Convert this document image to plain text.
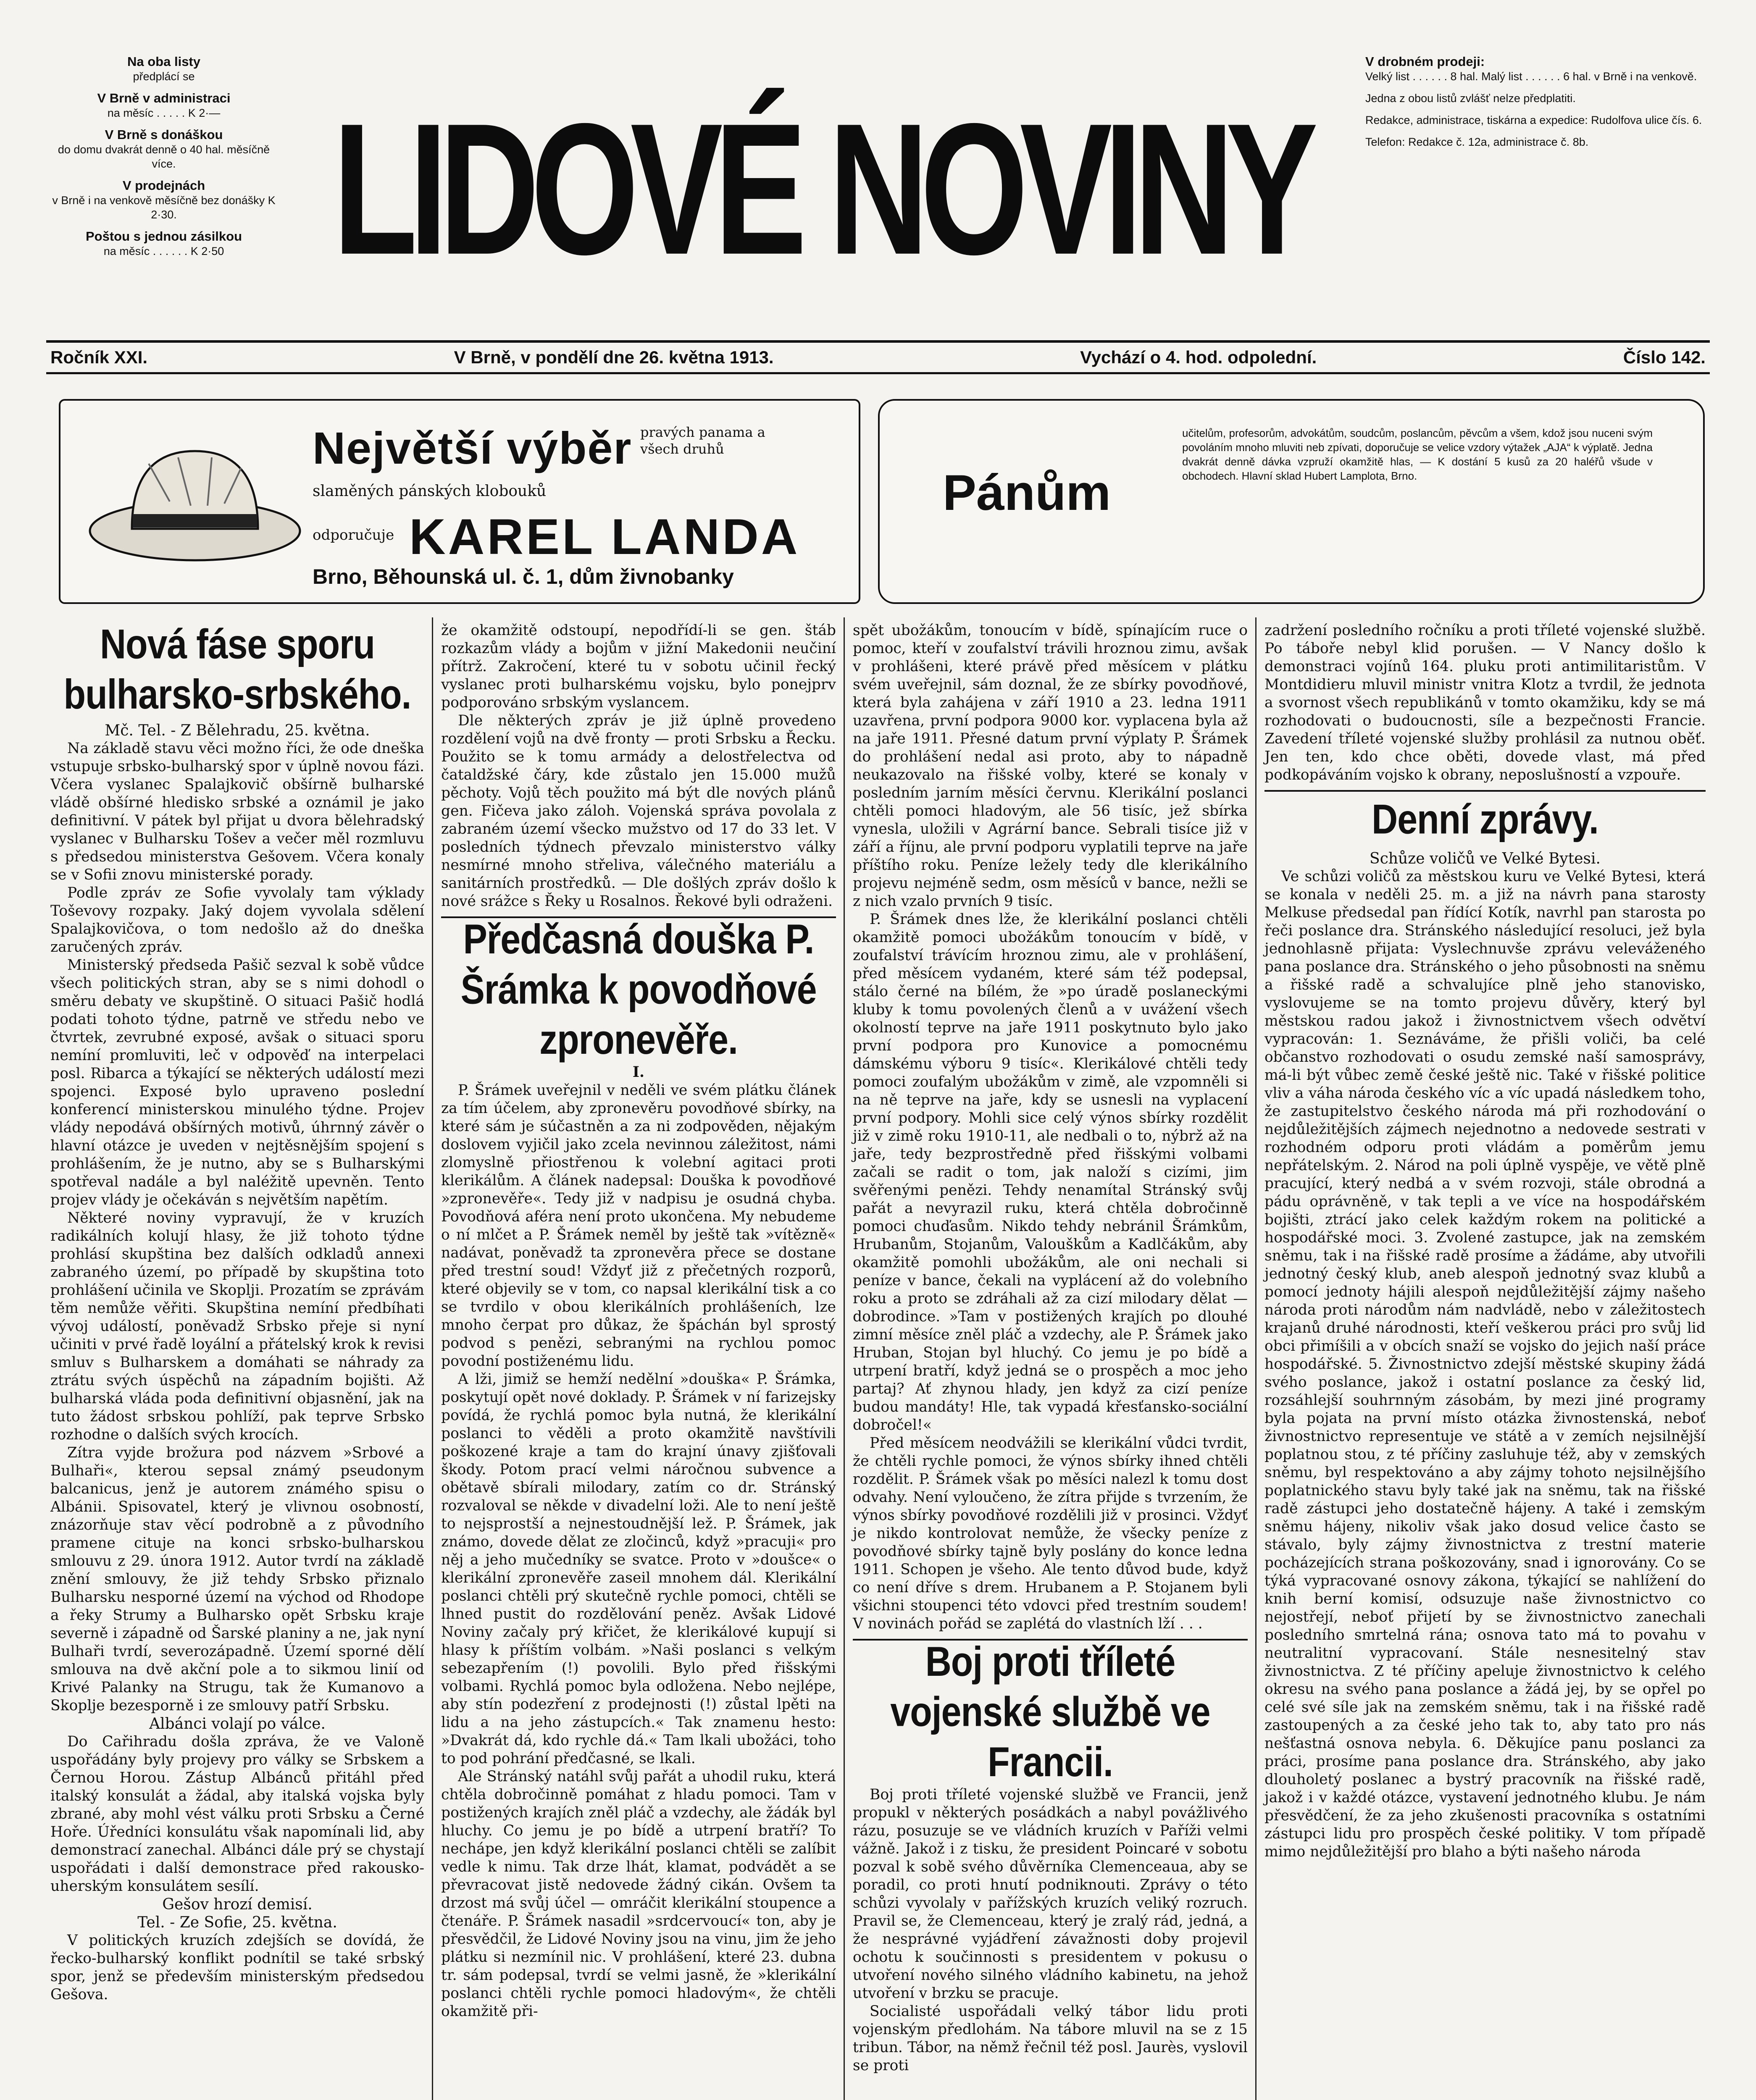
Na oba listy
předplácí se

V Brně v administraci
na měsíc . . . . . K 2·—

V Brně s donáškou
do domu dvakrát denně o 40 hal. měsíčně více.

V prodejnách
v Brně i na venkově měsíčně bez donášky K 2·30.

Poštou s jednou zásilkou
na měsíc . . . . . . K 2·50 LIDOVÉ NOVINY

V drobném prodeji:
Velký list . . . . . . 8 hal. Malý list . . . . . . 6 hal. v Brně i na venkově.

Jedna z obou listů zvlášť nelze předplatiti.

Redakce, administrace, tiskárna a expedice: Rudolfova ulice čís. 6.

Telefon: Redakce č. 12a, administrace č. 8b.

Ročník XXI.	V Brně, v pondělí dne 26. května 1913.	Vychází o 4. hod. odpolední.	Číslo 142.
Největší výběr pravých panama a všech druhů
slaměných pánských klobouků
odporučuje KAREL LANDA
Brno, Běhounská ul. č. 1, dům živnobanky
Pánům
učitelům, profesorům, advokátům, soudcům, poslancům, pěvcům a všem, kdož jsou nuceni svým povoláním mnoho mluviti neb zpívati, doporučuje se velice vzdory výtažek „AJA“ k výplatě. Jedna dvakrát denně dávka vzpruží okamžitě hlas, — K dostání 5 kusů za 20 haléřů všude v obchodech. Hlavní sklad Hubert Lamplota, Brno.
Nová fáse sporu bulharsko-srbského.

Mč. Tel. - Z Bělehradu, 25. května.

Na základě stavu věci možno říci, že ode dneška vstupuje srbsko-bulharský spor v úplně novou fázi. Včera vyslanec Spalajkovič obšírně bulharské vládě obšírné hledisko srbské a oznámil je jako definitivní. V pátek byl přijat u dvora bělehradský vyslanec v Bulharsku Tošev a večer měl rozmluvu s předsedou ministerstva Gešovem. Včera konaly se v Sofii znovu ministerské porady.

Podle zpráv ze Sofie vyvolaly tam výklady Toševovy rozpaky. Jaký dojem vyvolala sdělení Spalajkovičova, o tom nedošlo až do dneška zaručených zpráv.

Ministerský předseda Pašič sezval k sobě vůdce všech politických stran, aby se s nimi dohodl o směru debaty ve skupštině. O situaci Pašič hodlá podati tohoto týdne, patrně ve středu nebo ve čtvrtek, zevrubné exposé, avšak o situaci sporu nemíní promluviti, leč v odpověď na interpelaci posl. Ribarca a týkající se některých událostí mezi spojenci. Exposé bylo upraveno poslední konferencí ministerskou minulého týdne. Projev vlády nepodává obšírných motivů, úhrnný závěr o hlavní otázce je uveden v nejtěsnějším spojení s prohlášením, že je nutno, aby se s Bulharskými spotřeval nadále a byl naléžitě upevněn. Tento projev vlády je očekáván s největším napětím.

Některé noviny vypravují, že v kruzích radikálních kolují hlasy, že již tohoto týdne prohlásí skupština bez dalších odkladů annexi zabraného území, po případě by skupština toto prohlášení učinila ve Skoplji. Prozatím se zprávám těm nemůže věřiti. Skupština nemíní předbíhati vývoj událostí, poněvadž Srbsko přeje si nyní učiniti v prvé řadě loyální a přátelský krok k revisi smluv s Bulharskem a domáhati se náhrady za ztrátu svých úspěchů na západním bojišti. Až bulharská vláda poda definitivní objasnění, jak na tuto žádost srbskou pohlíží, pak teprve Srbsko rozhodne o dalších svých krocích.

Zítra vyjde brožura pod názvem »Srbové a Bulhaři«, kterou sepsal známý pseudonym balcanicus, jenž je autorem známého spisu o Albánii. Spisovatel, který je vlivnou osobností, znázorňuje stav věcí podrobně a z původního pramene cituje na konci srbsko-bulharskou smlouvu z 29. února 1912. Autor tvrdí na základě znění smlouvy, že již tehdy Srbsko přiznalo Bulharsku nesporné území na východ od Rhodope a řeky Strumy a Bulharsko opět Srbsku kraje severně i západně od Šarské planiny a ne, jak nyní Bulhaři tvrdí, severozápadně. Území sporné dělí smlouva na dvě akční pole a to sikmou linií od Krivé Palanky na Strugu, tak že Kumanovo a Skoplje bezesporně i ze smlouvy patří Srbsku.

Albánci volají po válce.

Do Cařihradu došla zpráva, že ve Valoně uspořádány byly projevy pro války se Srbskem a Černou Horou. Zástup Albánců přitáhl před italský konsulát a žádal, aby italská vojska byly zbrané, aby mohl vést válku proti Srbsku a Černé Hoře. Úředníci konsulátu však napomínali lid, aby demonstrací zanechal. Albánci dále prý se chystají uspořádati i další demonstrace před rakousko-uherským konsulátem sesílí.

Gešov hrozí demisí.

Tel. - Ze Sofie, 25. května.

V politických kruzích zdejších se dovídá, že řecko-bulharský konflikt podnítil se také srbský spor, jenž se především ministerským předsedou Gešova.

že okamžitě odstoupí, nepodřídí-li se gen. štáb rozkazům vlády a bojům v jižní Makedonii neučiní přítrž. Zakročení, které tu v sobotu učinil řecký vyslanec proti bulharskému vojsku, bylo ponejprv podporováno srbským vyslancem.

Dle některých zpráv je již úplně provedeno rozdělení vojů na dvě fronty — proti Srbsku a Řecku. Použito se k tomu armády a delostřelectva od čataldžské čáry, kde zůstalo jen 15.000 mužů pěchoty. Vojů těch použito má být dle nových plánů gen. Fičeva jako záloh. Vojenská správa povolala z zabraném území všecko mužstvo od 17 do 33 let. V posledních týdnech převzalo ministerstvo války nesmírné mnoho střeliva, válečného materiálu a sanitárních prostředků. — Dle došlých zpráv došlo k nové srážce s Řeky u Rosalnos. Řekové byli odraženi.

Předčasná douška P. Šrámka k povodňové zpronevěře.

I.

P. Šrámek uveřejnil v neděli ve svém plátku článek za tím účelem, aby zpronevěru povodňové sbírky, na které sám je súčastněn a za ni zodpověden, nějakým doslovem vyjičil jako zcela nevinnou záležitost, námi zlomyslně přiostřenou k volební agitaci proti klerikálům. A článek nadepsal: Douška k povodňové »zpronevěře«. Tedy již v nadpisu je osudná chyba. Povodňová aféra není proto ukončena. My nebudeme o ní mlčet a P. Šrámek neměl by ještě tak »vítězně« nadávat, poněvadž ta zpronevěra přece se dostane před trestní soud! Vždyť již z přečetných rozporů, které objevily se v tom, co napsal klerikální tisk a co se tvrdilo v obou klerikálních prohlášeních, lze mnoho čerpat pro důkaz, že špáchán byl sprostý podvod s penězi, sebranými na rychlou pomoc povodní postiženému lidu.

A lži, jimiž se hemží nedělní »douška« P. Šrámka, poskytují opět nové doklady. P. Šrámek v ní farizejsky povídá, že rychlá pomoc byla nutná, že klerikální poslanci to věděli a proto okamžitě navštívili poškozené kraje a tam do krajní únavy zjišťovali škody. Potom prací velmi náročnou subvence a obětavě sbírali milodary, zatím co dr. Stránský rozvaloval se někde v divadelní loži. Ale to není ještě to nejsprostší a nejnestoudnější lež. P. Šrámek, jak známo, dovede dělat ze zločinců, když »pracuji« pro něj a jeho mučedníky se svatce. Proto v »doušce« o klerikální zpronevěře zaseil mnohem dál. Klerikální poslanci chtěli prý skutečně rychle pomoci, chtěli se lhned pustit do rozdělování peněz. Avšak Lidové Noviny začaly prý křičet, že klerikálové kupují si hlasy k příštím volbám. »Naši poslanci s velkým sebezapřením (!) povolili. Bylo před řišskými volbami. Rychlá pomoc byla odložena. Nebo nejlépe, aby stín podezření z prodejnosti (!) zůstal lpěti na lidu a na jeho zástupcích.« Tak znamenu hesto: »Dvakrát dá, kdo rychle dá.« Tam lkali ubožáci, toho to pod pohrání předčasné, se lkali.

Ale Stránský natáhl svůj pařát a uhodil ruku, která chtěla dobročinně pomáhat z hladu pomoci. Tam v postižených krajích zněl pláč a vzdechy, ale žádák byl hluchy. Co jemu je po bídě a utrpení bratří? To nechápe, jen když klerikální poslanci chtěli se zalíbit vedle k nimu. Tak drze lhát, klamat, podvádět a se převracovat jistě nedovede žádný cikán. Ovšem ta drzost má svůj účel — omráčit klerikální stoupence a čtenáře. P. Šrámek nasadil »srdcervoucí« ton, aby je přesvědčil, že Lidové Noviny jsou na vinu, jim že jeho plátku si nezmínil nic. V prohlášení, které 23. dubna tr. sám podepsal, tvrdí se velmi jasně, že »klerikální poslanci chtěli rychle pomoci hladovým«, že chtěli okamžitě při-

spět ubožákům, tonoucím v bídě, spínajícím ruce o pomoc, kteří v zoufalství trávili hroznou zimu, avšak v prohlášeni, které právě před měsícem v plátku svém uveřejnil, sám doznal, že ze sbírky povodňové, která byla zahájena v září 1910 a 23. ledna 1911 uzavřena, první podpora 9000 kor. vyplacena byla až na jaře 1911. Přesné datum první výplaty P. Šrámek do prohlášení nedal asi proto, aby to nápadně neukazovalo na řišské volby, které se konaly v posledním jarním měsíci červnu. Klerikální poslanci chtěli pomoci hladovým, ale 56 tisíc, jež sbírka vynesla, uložili v Agrární bance. Sebrali tisíce již v září a říjnu, ale první podporu vyplatili teprve na jaře příštího roku. Peníze ležely tedy dle klerikálního projevu nejméně sedm, osm měsíců v bance, nežli se z nich vzalo prvních 9 tisíc.

P. Šrámek dnes lže, že klerikální poslanci chtěli okamžitě pomoci ubožákům tonoucím v bídě, v zoufalství trávícím hroznou zimu, ale v prohlášení, před měsícem vydaném, které sám též podepsal, stálo černé na bílém, že »po úradě poslaneckými kluby k tomu povolených členů a v uvážení všech okolností teprve na jaře 1911 poskytnuto bylo jako první podpora pro Kunovice a pomocnému dámskému výboru 9 tisíc«. Klerikálové chtěli tedy pomoci zoufalým ubožákům v zimě, ale vzpomněli si na ně teprve na jaře, kdy se usnesli na vyplacení první podpory. Mohli sice celý výnos sbírky rozdělit již v zimě roku 1910-11, ale nedbali o to, nýbrž až na jaře, tedy bezprostředně před řišskými volbami začali se radit o tom, jak naloží s cizími, jim svěřenými penězi. Tehdy nenamítal Stránský svůj pařát a nevyrazil ruku, která chtěla dobročinně pomoci chuďasům. Nikdo tehdy nebránil Šrámkům, Hrubanům, Stojanům, Valouškům a Kadlčákům, aby okamžitě pomohli ubožákům, ale oni nechali si peníze v bance, čekali na vyplácení až do volebního roku a proto se zdráhali až za cizí milodary dělat — dobrodince. »Tam v postižených krajích po dlouhé zimní měsíce zněl pláč a vzdechy, ale P. Šrámek jako Hruban, Stojan byl hluchý. Co jemu je po bídě a utrpení bratří, když jedná se o prospěch a moc jeho partaj? Ať zhynou hlady, jen když za cizí peníze budou mandáty! Hle, tak vypadá křesťansko-sociální dobročel!«

Před měsícem neodvážili se klerikální vůdci tvrdit, že chtěli rychle pomoci, že výnos sbírky ihned chtěli rozdělit. P. Šrámek však po měsíci nalezl k tomu dost odvahy. Není vyloučeno, že zítra přijde s tvrzením, že výnos sbírky povodňové rozdělili již v prosinci. Vždyť je nikdo kontrolovat nemůže, že všecky peníze z povodňové sbírky tajně byly poslány do konce ledna 1911. Schopen je všeho. Ale tento důvod bude, když co není dříve s drem. Hrubanem a P. Stojanem byli všichni stoupenci této vdovci před trestním soudem! V novinách pořád se zaplétá do vlastních lží . . .

Boj proti tříleté vojenské službě ve Francii.

Boj proti tříleté vojenské službě ve Francii, jenž propukl v některých posádkách a nabyl povážlivého rázu, posuzuje se ve vládních kruzích v Paříži velmi vážně. Jakož i z tisku, že president Poincaré v sobotu pozval k sobě svého důvěrníka Clemenceaua, aby se poradil, co proti hnutí podniknouti. Zprávy o této schůzi vyvolaly v pařížských kruzích veliký rozruch. Pravil se, že Clemenceau, který je zralý rád, jedná, a že nesprávné vyjádření závažnosti doby projevil ochotu k součinnosti s presidentem v pokusu o utvoření nového silného vládního kabinetu, na jehož utvoření v brzku se pracuje.

Socialisté uspořádali velký tábor lidu proti vojenským předlohám. Na tábore mluvil na se z 15 tribun. Tábor, na němž řečnil též posl. Jaurès, vyslovil se proti

zadržení posledního ročníku a proti tříleté vojenské službě. Po táboře nebyl klid porušen. — V Nancy došlo k demonstraci vojínů 164. pluku proti antimilitaristům. V Montdidieru mluvil ministr vnitra Klotz a tvrdil, že jednota a svornost všech republikánů v tomto okamžiku, kdy se má rozhodovati o budoucnosti, síle a bezpečnosti Francie. Zavedení tříleté vojenské služby prohlásil za nutnou oběť. Jen ten, kdo chce oběti, dovede vlast, má před podkopáváním vojsko k obrany, neposlušností a vzpouře.

Denní zprávy.

Schůze voličů ve Velké Bytesi.

Ve schůzi voličů za městskou kuru ve Velké Bytesi, která se konala v neděli 25. m. a již na návrh pana starosty Melkuse předsedal pan řídící Kotík, navrhl pan starosta po řeči poslance dra. Stránského následující resoluci, jež byla jednohlasně přijata: Vyslechnuvše zprávu veleváženého pana poslance dra. Stránského o jeho působnosti na sněmu a řišské radě a schvalujíce plně jeho stanovisko, vyslovujeme se na tomto projevu důvěry, který byl městskou radou jakož i živnostnictvem všech odvětví vypracován: 1. Seznáváme, že přišli voliči, ba celé občanstvo rozhodovati o osudu zemské naší samosprávy, má-li být vůbec země české ještě nic. Také v řišské politice vliv a váha národa českého víc a víc upadá následkem toho, že zastupitelstvo českého národa má při rozhodování o nejdůležitějších zájmech nejednotno a nedovede sestrati v rozhodném odporu proti vládám a poměrům jemu nepřátelským. 2. Národ na poli úplně vyspěje, ve větě plně pracující, který nedbá a v svém rozvoji, stále obrodná a pádu oprávněně, v tak tepli a ve více na hospodářském bojišti, ztrácí jako celek každým rokem na politické a hospodářské moci. 3. Zvolené zastupce, jak na zemském sněmu, tak i na řišské radě prosíme a žádáme, aby utvořili jednotný český klub, aneb alespoň jednotný svaz klubů a pomocí jednoty hájili alespoň nejdůležitější zájmy našeho národa proti národům nám nadvládě, nebo v záležitostech krajanů druhé národnosti, kteří veškerou práci pro svůj lid obci přimíšili a v obcích snaží se vojsko do jejich naší práce hospodářské. 5. Živnostnictvo zdejší městské skupiny žádá svého poslance, jakož i ostatní poslance za český lid, rozsáhlejší souhrnným zásobám, by mezi jiné programy byla pojata na první místo otázka živnostenská, neboť živnostnictvo representuje ve státě a v zemích nejsilnější poplatnou stou, z té příčiny zasluhuje též, aby v zemských sněmu, byl respektováno a aby zájmy tohoto nejsilnějšího poplatnického stavu byly také jak na sněmu, tak na řišské radě zástupci jeho dostatečně hájeny. A také i zemským sněmu hájeny, nikoliv však jako dosud velice často se stávalo, byly zájmy živnostnictva z trestní materie pocházejících strana poškozovány, snad i ignorovány. Co se týká vypracované osnovy zákona, týkající se nahlížení do knih berní komisí, odsuzuje naše živnostnictvo co nejostřejí, neboť přijetí by se živnostnictvo zanechali posledního smrtelná rána; osnova tato má to povahu v neutralitní vypracovaní. Stále nesnesitelný stav živnostnictva. Z té příčiny apeluje živnostnictvo k celého okresu na svého pana poslance a žádá jej, by se opřel po celé své síle jak na zemském sněmu, tak i na řišské radě zastoupených a za české jeho tak to, aby tato pro nás nešťastná osnova nebyla. 6. Děkujíce panu poslanci za práci, prosíme pana poslance dra. Stránského, aby jako dlouholetý poslanec a bystrý pracovník na řišské radě, jakož i v každé otázce, vystavení jednotného klubu. Je nám přesvědčení, že za jeho zkušenosti pracovníka s ostatními zástupci lidu pro prospěch české politiky. V tom případě mimo nejdůležitější pro blaho a býti našeho národa
